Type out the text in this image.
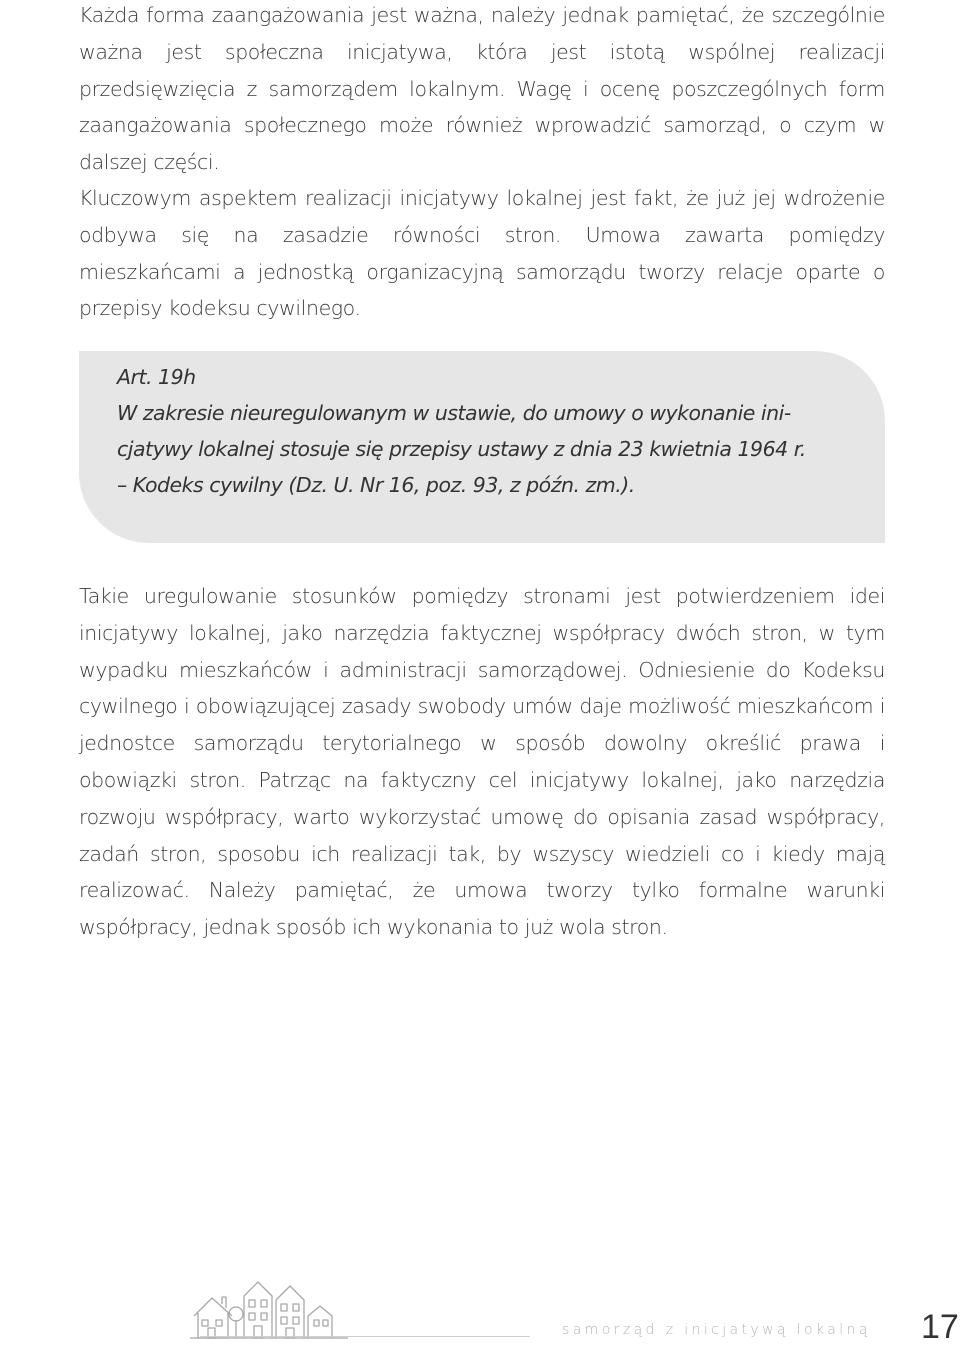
Każda forma zaangażowania jest ważna, należy jednak pamiętać, że szczególnie ważna jest społeczna inicjatywa, która jest istotą wspólnej realizacji przedsięwzięcia z samorządem lokalnym. Wagę i ocenę poszczególnych form zaangażowania społecznego może również wprowadzić samorząd, o czym w dalszej części.

Kluczowym aspektem realizacji inicjatywy lokalnej jest fakt, że już jej wdrożenie odbywa się na zasadzie równości stron. Umowa zawarta pomiędzy mieszkańcami a jednostką organizacyjną samorządu tworzy relacje oparte o przepisy kodeksu cywilnego.

Art. 19h
W zakresie nieuregulowanym w ustawie, do umowy o wykonanie ini-
cjatywy lokalnej stosuje się przepisy ustawy z dnia 23 kwietnia 1964 r.
– Kodeks cywilny (Dz. U. Nr 16, poz. 93, z późn. zm.).

Takie uregulowanie stosunków pomiędzy stronami jest potwierdzeniem idei inicjatywy lokalnej, jako narzędzia faktycznej współpracy dwóch stron, w tym wypadku mieszkańców i administracji samorządowej. Odniesienie do Kodeksu cywilnego i obowiązującej zasady swobody umów daje możliwość mieszkańcom i jednostce samorządu terytorialnego w sposób dowolny określić prawa i obowiązki stron. Patrząc na faktyczny cel inicjatywy lokalnej, jako narzędzia rozwoju współpracy, warto wykorzystać umowę do opisania zasad współpracy, zadań stron, sposobu ich realizacji tak, by wszyscy wiedzieli co i kiedy mają realizować. Należy pamiętać, że umowa tworzy tylko formalne warunki współpracy, jednak sposób ich wykonania to już wola stron.

samorząd z inicjatywą lokalną 17
